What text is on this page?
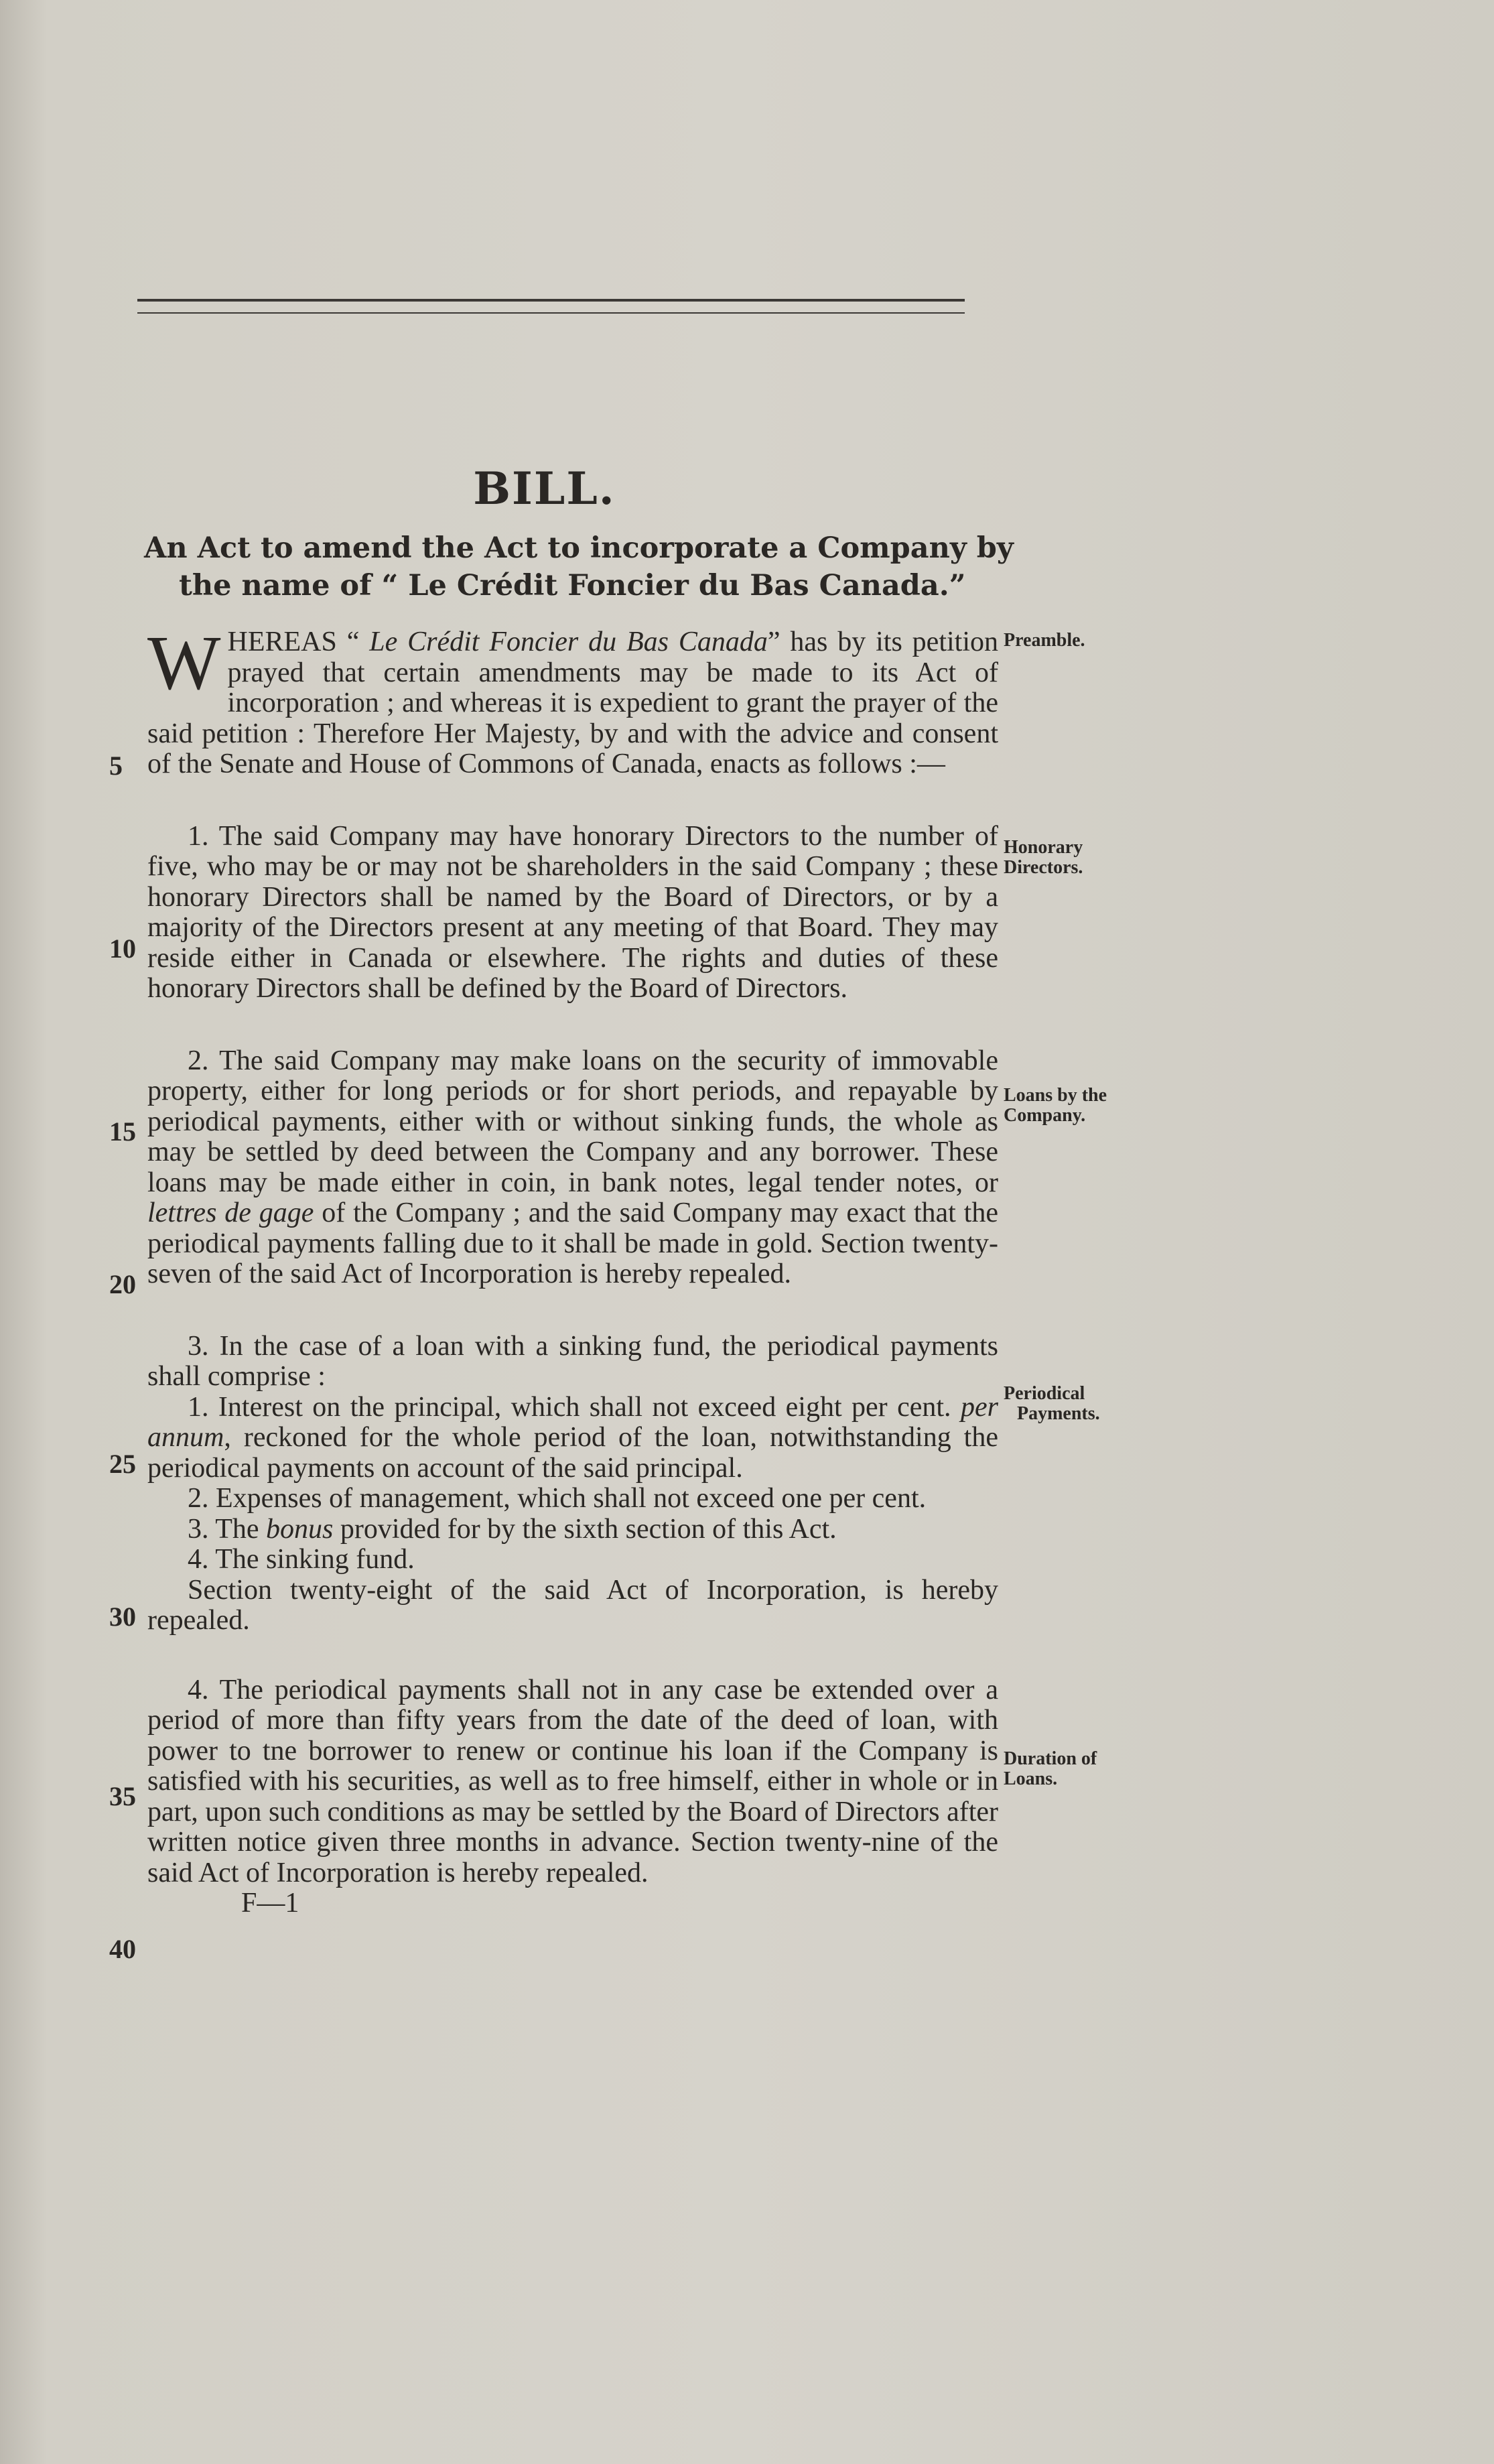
BILL.
An Act to amend the Act to incorporate a Company by
the name of “ Le Crédit Foncier du Bas Canada.”

WHEREAS “ Le Crédit Foncier du Bas Canada” has by its petition prayed that certain amendments may be made to its Act of incorporation ; and whereas it is expedient to grant the prayer of the said petition : Therefore Her Majesty, by and with the advice and consent of the Senate and House of Commons of Canada, enacts as follows :—

1. The said Company may have honorary Directors to the number of five, who may be or may not be shareholders in the said Company ; these honorary Directors shall be named by the Board of Directors, or by a majority of the Directors present at any meeting of that Board. They may reside either in Canada or elsewhere. The rights and duties of these honorary Directors shall be defined by the Board of Directors.

2. The said Company may make loans on the security of immovable property, either for long periods or for short periods, and repayable by periodical payments, either with or without sinking funds, the whole as may be settled by deed between the Company and any borrower. These loans may be made either in coin, in bank notes, legal tender notes, or lettres de gage of the Company ; and the said Company may exact that the periodical payments falling due to it shall be made in gold. Section twenty-seven of the said Act of Incorporation is hereby repealed.

3. In the case of a loan with a sinking fund, the periodical payments shall comprise :

1. Interest on the principal, which shall not exceed eight per cent. per annum, reckoned for the whole period of the loan, notwithstanding the periodical payments on account of the said principal.

2. Expenses of management, which shall not exceed one per cent.

3. The bonus provided for by the sixth section of this Act.

4. The sinking fund.

Section twenty-eight of the said Act of Incorporation, is hereby repealed.

4. The periodical payments shall not in any case be extended over a period of more than fifty years from the date of the deed of loan, with power to tne borrower to renew or continue his loan if the Company is satisfied with his securities, as well as to free himself, either in whole or in part, upon such conditions as may be settled by the Board of Directors after written notice given three months in advance. Section twenty-nine of the said Act of Incorporation is hereby repealed.

F—1

Preamble.
Honorary
Directors.
Loans by the
Company.
Periodical
Payments.
Duration of
Loans.
5
10
15
20
25
30
35
40
